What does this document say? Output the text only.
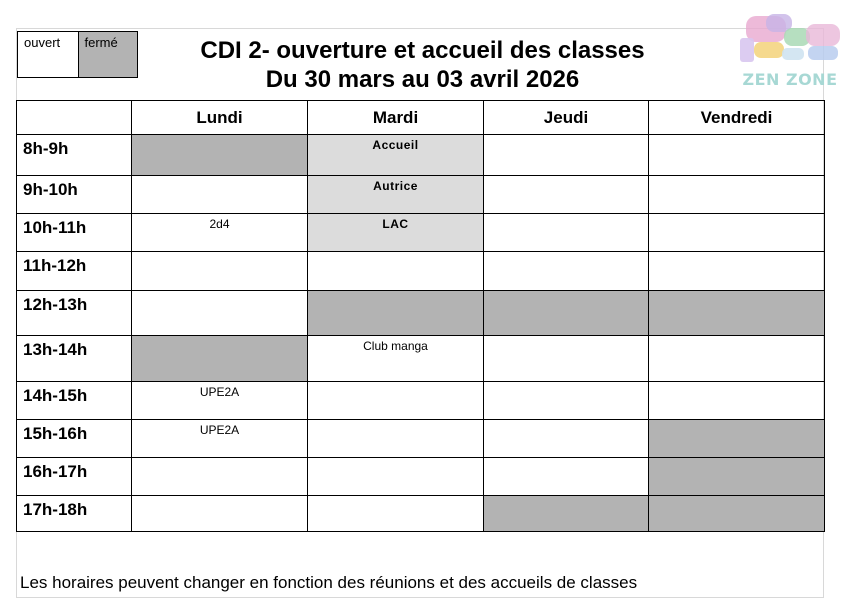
ouvert	fermé	CDI 2- ouverture et accueil des classes
Du 30 mars au 03 avril 2026	ZEN ZONE
	Lundi	Mardi	Jeudi	Vendredi
8h-9h		Accueil		

9h-10h		Autrice		

10h-11h	2d4	LAC		

11h-12h	

12h-13h	

13h-14h		Club manga		

14h-15h	UPE2A			

15h-16h	UPE2A			

16h-17h	

17h-18h	

Les horaires peuvent changer en fonction des réunions et des accueils de classes
